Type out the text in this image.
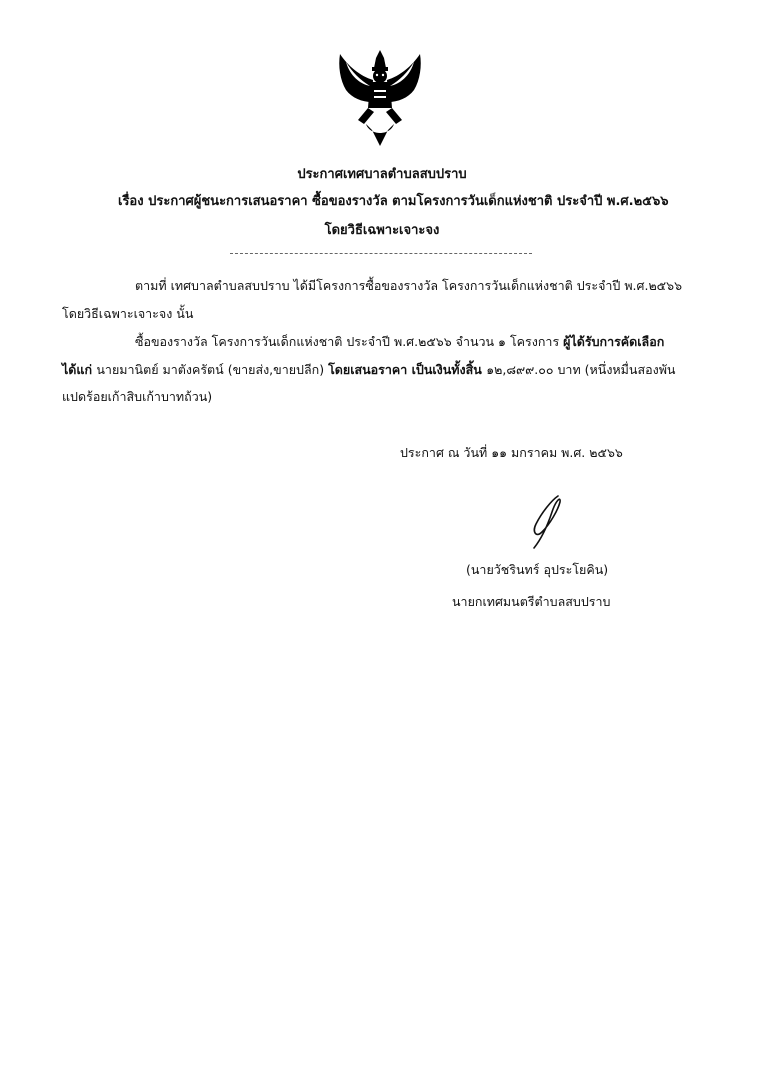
ประกาศเทศบาลตำบลสบปราบ
เรื่อง ประกาศผู้ชนะการเสนอราคา ซื้อของรางวัล ตามโครงการวันเด็กแห่งชาติ ประจำปี พ.ศ.๒๕๖๖
โดยวิธีเฉพาะเจาะจง
ตามที่ เทศบาลตำบลสบปราบ ได้มีโครงการซื้อของรางวัล โครงการวันเด็กแห่งชาติ ประจำปี พ.ศ.๒๕๖๖
โดยวิธีเฉพาะเจาะจง นั้น
ซื้อของรางวัล โครงการวันเด็กแห่งชาติ ประจำปี พ.ศ.๒๕๖๖ จำนวน ๑ โครงการ ผู้ได้รับการคัดเลือก
ได้แก่ นายมานิตย์ มาตังครัตน์ (ขายส่ง,ขายปลีก) โดยเสนอราคา เป็นเงินทั้งสิ้น ๑๒,๘๙๙.๐๐ บาท (หนึ่งหมื่นสองพัน
แปดร้อยเก้าสิบเก้าบาทถ้วน)
ประกาศ ณ วันที่ ๑๑ มกราคม พ.ศ. ๒๕๖๖
(นายวัชรินทร์ อุประโยคิน)
นายกเทศมนตรีตำบลสบปราบ
